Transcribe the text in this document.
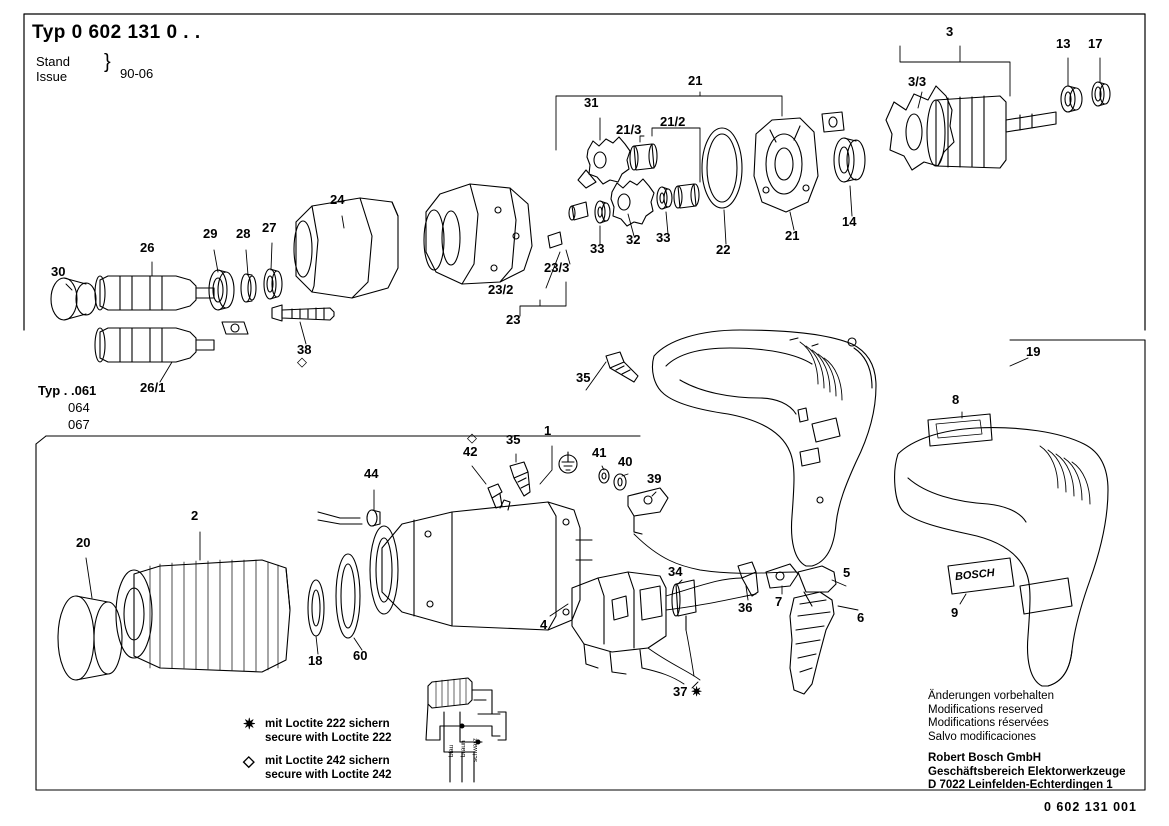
Typ 0 602 131 0 . .
Stand
Issue
}
90-06
Typ . .061
064
067
✷ mit Loctite 222 sichern
secure with Loctite 222
◇ mit Loctite 242 sichern
secure with Loctite 242
Änderungen vorbehalten
Modifications reserved
Modifications réservées
Salvo modificaciones
Robert Bosch GmbH
Geschäftsbereich Elektorwerkzeuge
D 7022 Leinfelden-Echterdingen 1
0 602 131 001
3
13 17
3/3
21
31
21/3
21/2
24
14
21
22
32
33
33
29 28 27
26
30	23/3
23/2
23
38
26/1
19
35
8
1
35
42	41
40
39
44
2
20
34	5
36 7
6	9
4
18 60
37 ✷
◇
◇
BOSCH
blau braun schwarz
